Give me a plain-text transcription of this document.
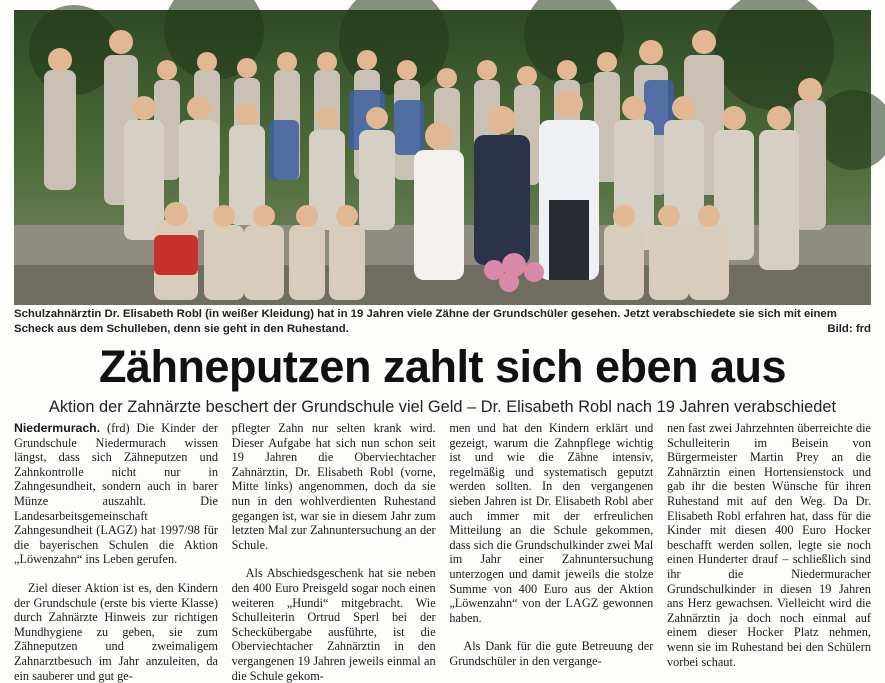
Schulzahnärztin Dr. Elisabeth Robl (in weißer Kleidung) hat in 19 Jahren viele Zähne der Grundschüler gesehen. Jetzt verabschiedete sie sich mit einem Scheck aus dem Schulleben, denn sie geht in den Ruhestand.	Bild: frd
Zähneputzen zahlt sich eben aus
Aktion der Zahnärzte beschert der Grundschule viel Geld – Dr. Elisabeth Robl nach 19 Jahren verabschiedet

Niedermurach. (frd) Die Kinder der Grundschule Niedermurach wissen längst, dass sich Zähneputzen und Zahnkontrolle nicht nur in Zahngesundheit, sondern auch in barer Münze auszahlt. Die Landesarbeitsgemeinschaft Zahngesundheit (LAGZ) hat 1997/98 für die bayerischen Schulen die Aktion „Löwenzahn“ ins Leben gerufen.

Ziel dieser Aktion ist es, den Kindern der Grundschule (erste bis vierte Klasse) durch Zahnärzte Hinweis zur richtigen Mundhygiene zu geben, sie zum Zähneputzen und zweimaligem Zahnarztbesuch im Jahr anzuleiten, da ein sauberer und gut ge-

pflegter Zahn nur selten krank wird. Dieser Aufgabe hat sich nun schon seit 19 Jahren die Oberviechtacher Zahnärztin, Dr. Elisabeth Robl (vorne, Mitte links) angenommen, doch da sie nun in den wohlverdienten Ruhestand gegangen ist, war sie in diesem Jahr zum letzten Mal zur Zahnuntersuchung an der Schule.

Als Abschiedsgeschenk hat sie neben den 400 Euro Preisgeld sogar noch einen weiteren „Hundi“ mitgebracht. Wie Schulleiterin Ortrud Sperl bei der Scheckübergabe ausführte, ist die Oberviechtacher Zahnärztin in den vergangenen 19 Jahren jeweils einmal an die Schule gekom-

men und hat den Kindern erklärt und gezeigt, warum die Zahnpflege wichtig ist und wie die Zähne intensiv, regelmäßig und systematisch geputzt werden sollten. In den vergangenen sieben Jahren ist Dr. Elisabeth Robl aber auch immer mit der erfreulichen Mitteilung an die Schule gekommen, dass sich die Grundschulkinder zwei Mal im Jahr einer Zahnuntersuchung unterzogen und damit jeweils die stolze Summe von 400 Euro aus der Aktion „Löwenzahn“ von der LAGZ gewonnen haben.

Als Dank für die gute Betreuung der Grundschüler in den vergange-

nen fast zwei Jahrzehnten überreichte die Schulleiterin im Beisein von Bürgermeister Martin Prey an die Zahnärztin einen Hortensienstock und gab ihr die besten Wünsche für ihren Ruhestand mit auf den Weg. Da Dr. Elisabeth Robl erfahren hat, dass für die Kinder mit diesen 400 Euro Hocker beschafft werden sollen, legte sie noch einen Hunderter drauf – schließlich sind ihr die Niedermuracher Grundschulkinder in diesen 19 Jahren ans Herz gewachsen. Vielleicht wird die Zahnärztin ja doch noch einmal auf einem dieser Hocker Platz nehmen, wenn sie im Ruhestand bei den Schülern vorbei schaut.
